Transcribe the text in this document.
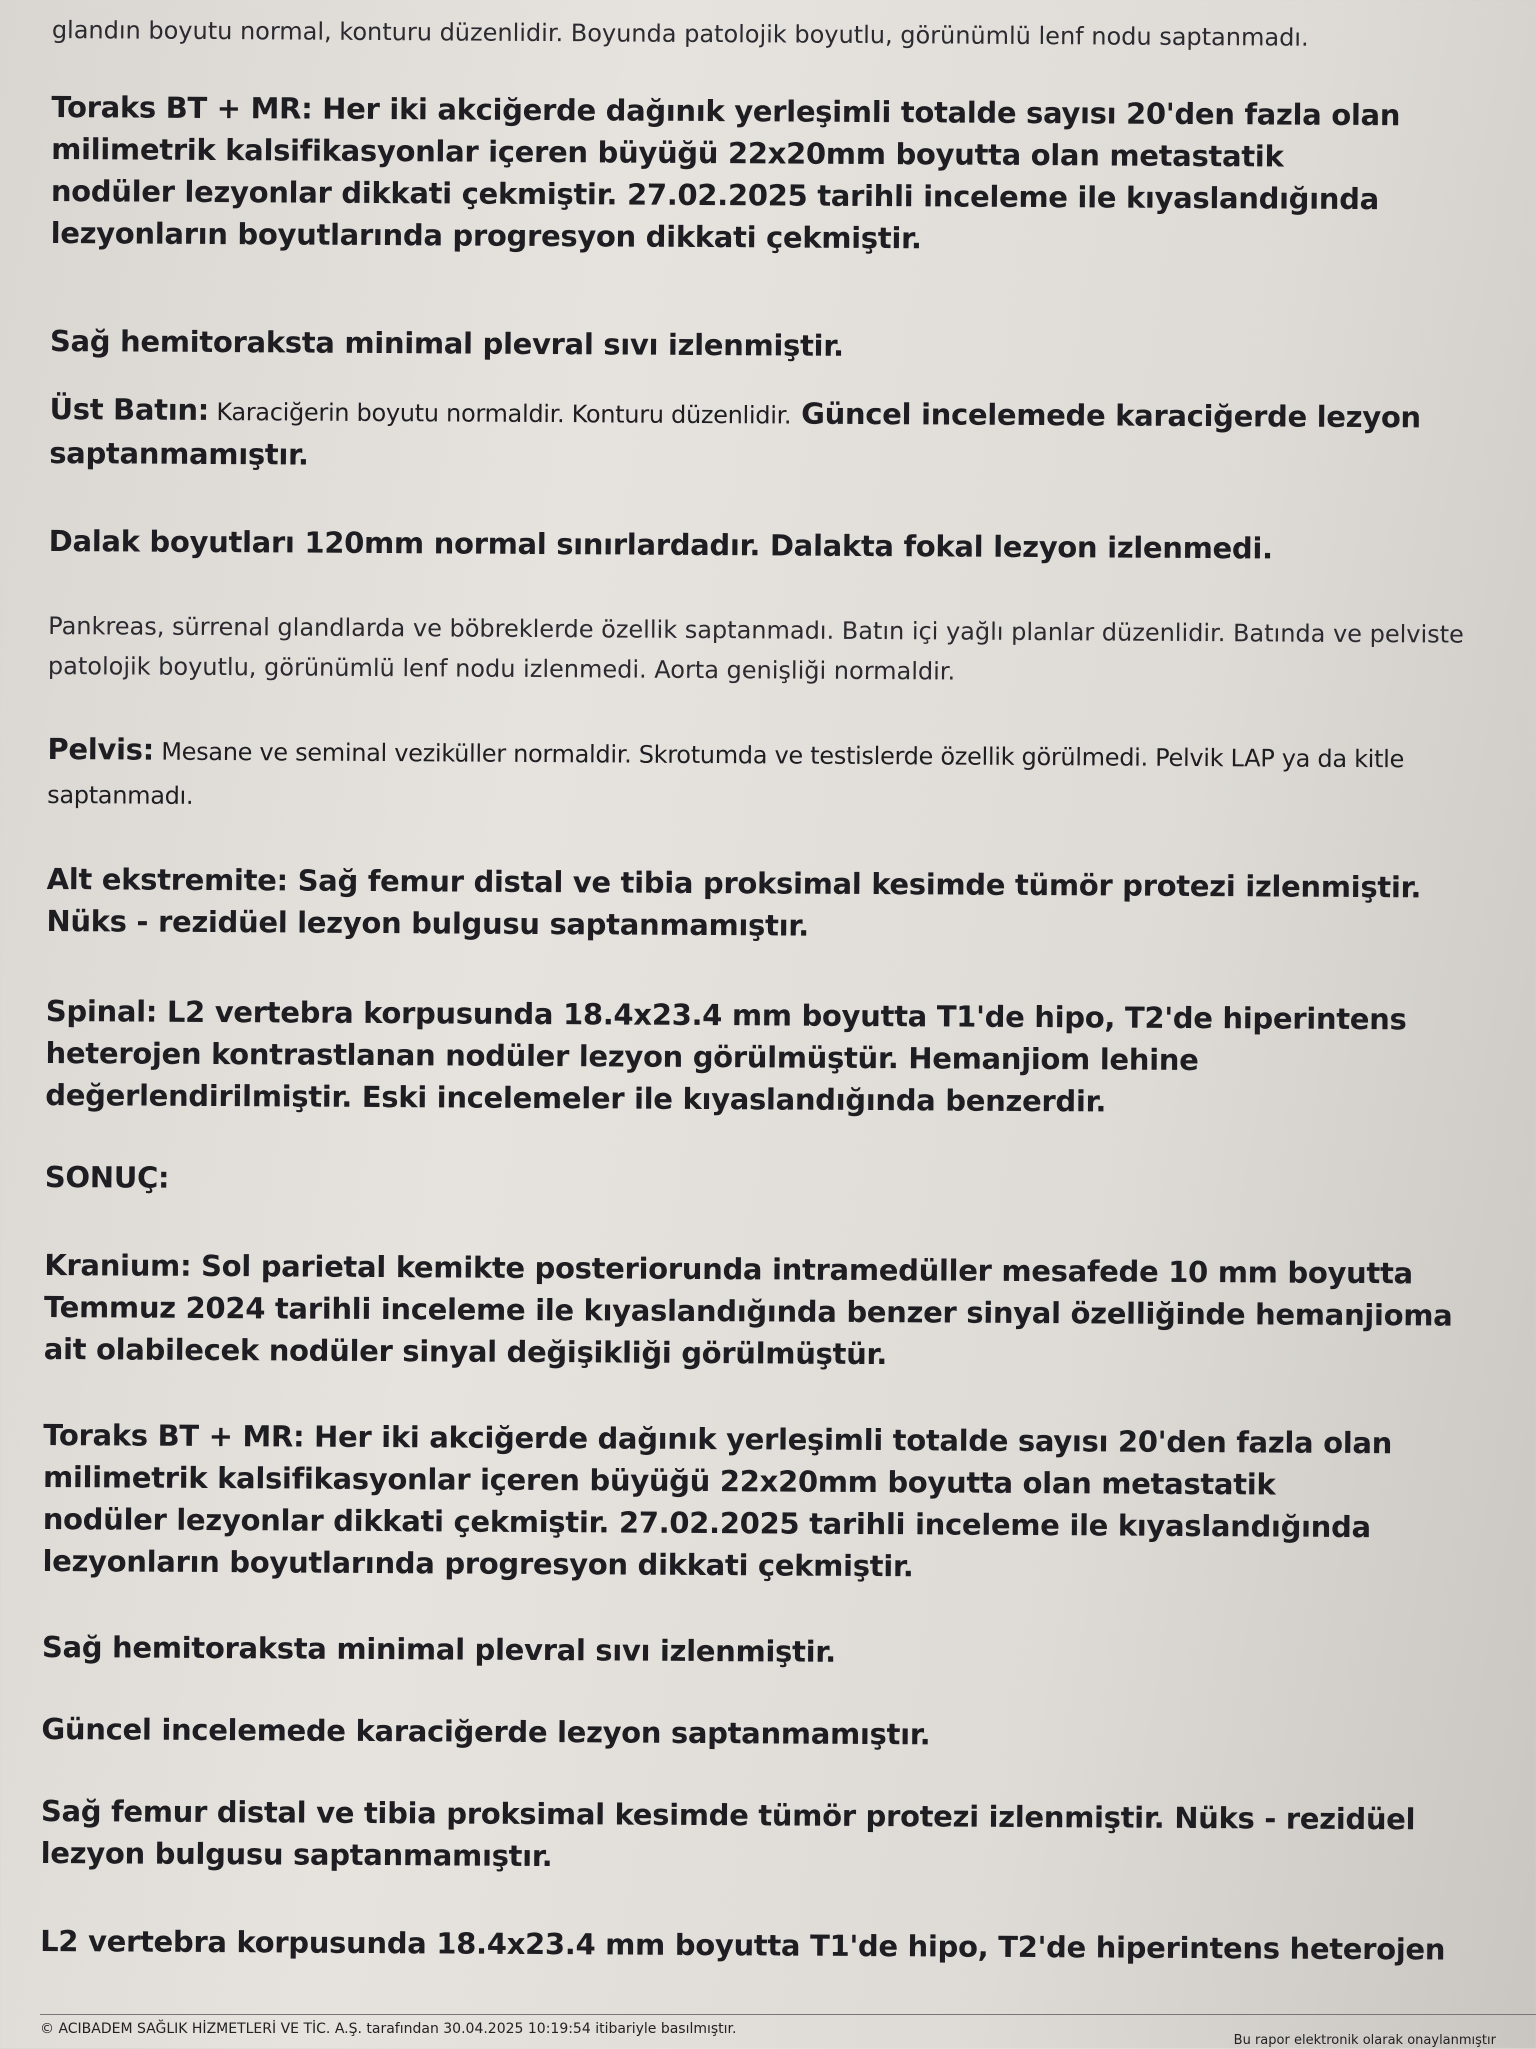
glandın boyutu normal, konturu düzenlidir. Boyunda patolojik boyutlu, görünümlü lenf nodu saptanmadı.

Toraks BT + MR: Her iki akciğerde dağınık yerleşimli totalde sayısı 20'den fazla olan milimetrik kalsifikasyonlar içeren büyüğü 22x20mm boyutta olan metastatik nodüler lezyonlar dikkati çekmiştir. 27.02.2025 tarihli inceleme ile kıyaslandığında lezyonların boyutlarında progresyon dikkati çekmiştir.

Sağ hemitoraksta minimal plevral sıvı izlenmiştir.

Üst Batın: Karaciğerin boyutu normaldir. Konturu düzenlidir. Güncel incelemede karaciğerde lezyon saptanmamıştır.

Dalak boyutları 120mm normal sınırlardadır. Dalakta fokal lezyon izlenmedi.

Pankreas, sürrenal glandlarda ve böbreklerde özellik saptanmadı. Batın içi yağlı planlar düzenlidir. Batında ve pelviste patolojik boyutlu, görünümlü lenf nodu izlenmedi. Aorta genişliği normaldir.

Pelvis: Mesane ve seminal veziküller normaldir. Skrotumda ve testislerde özellik görülmedi. Pelvik LAP ya da kitle saptanmadı.

Alt ekstremite: Sağ femur distal ve tibia proksimal kesimde tümör protezi izlenmiştir. Nüks - rezidüel lezyon bulgusu saptanmamıştır.

Spinal: L2 vertebra korpusunda 18.4x23.4 mm boyutta T1'de hipo, T2'de hiperintens heterojen kontrastlanan nodüler lezyon görülmüştür. Hemanjiom lehine değerlendirilmiştir. Eski incelemeler ile kıyaslandığında benzerdir.

SONUÇ:

Kranium: Sol parietal kemikte posteriorunda intramedüller mesafede 10 mm boyutta Temmuz 2024 tarihli inceleme ile kıyaslandığında benzer sinyal özelliğinde hemanjioma ait olabilecek nodüler sinyal değişikliği görülmüştür.

Toraks BT + MR: Her iki akciğerde dağınık yerleşimli totalde sayısı 20'den fazla olan milimetrik kalsifikasyonlar içeren büyüğü 22x20mm boyutta olan metastatik nodüler lezyonlar dikkati çekmiştir. 27.02.2025 tarihli inceleme ile kıyaslandığında lezyonların boyutlarında progresyon dikkati çekmiştir.

Sağ hemitoraksta minimal plevral sıvı izlenmiştir.

Güncel incelemede karaciğerde lezyon saptanmamıştır.

Sağ femur distal ve tibia proksimal kesimde tümör protezi izlenmiştir. Nüks - rezidüel lezyon bulgusu saptanmamıştır.

L2 vertebra korpusunda 18.4x23.4 mm boyutta T1'de hipo, T2'de hiperintens heterojen

© ACIBADEM SAĞLIK HİZMETLERİ VE TİC. A.Ş. tarafından 30.04.2025 10:19:54 itibariyle basılmıştır.
Bu rapor elektronik olarak onaylanmıştır
